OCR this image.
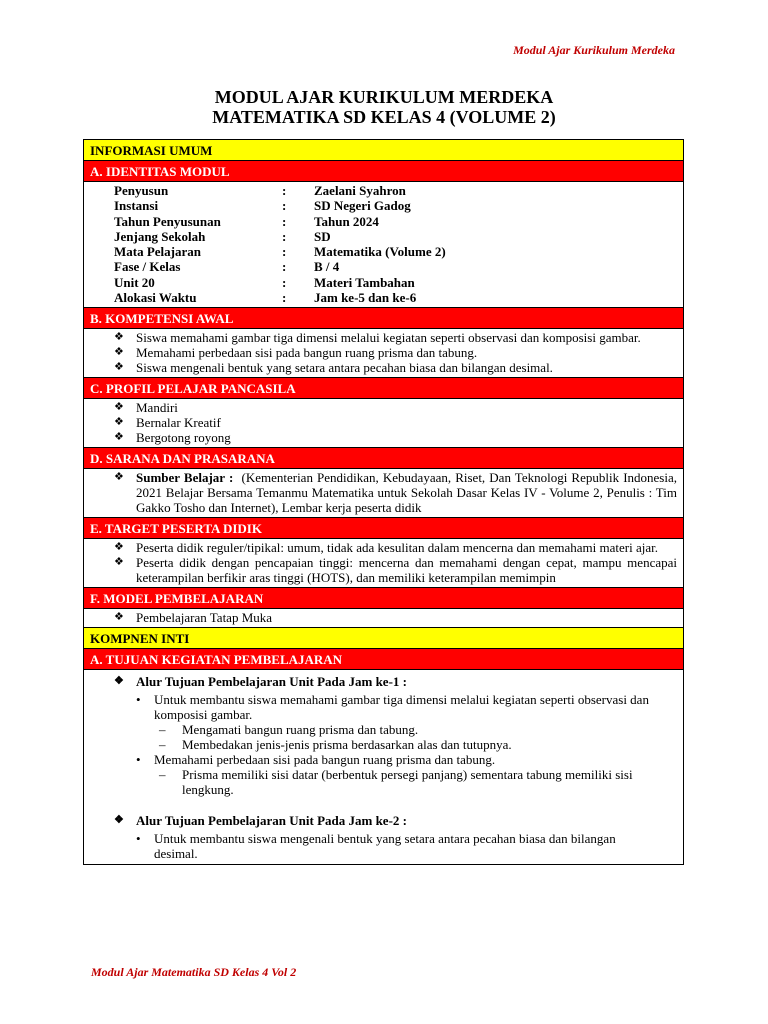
Modul Ajar Kurikulum Merdeka
MODUL AJAR KURIKULUM MERDEKA
MATEMATIKA SD KELAS 4 (VOLUME 2)
INFORMASI UMUM
A. IDENTITAS MODUL
Penyusun	:	Zaelani Syahron
Instansi	:	SD Negeri Gadog
Tahun Penyusunan	:	Tahun 2024
Jenjang Sekolah	:	SD
Mata Pelajaran	:	Matematika (Volume 2)
Fase / Kelas	:	B / 4
Unit 20	:	Materi Tambahan
Alokasi Waktu	:	Jam ke-5 dan ke-6
B. KOMPETENSI AWAL
❖ Siswa memahami gambar tiga dimensi melalui kegiatan seperti observasi dan komposisi gambar.
❖ Memahami perbedaan sisi pada bangun ruang prisma dan tabung.
❖ Siswa mengenali bentuk yang setara antara pecahan biasa dan bilangan desimal.
C. PROFIL PELAJAR PANCASILA
❖ Mandiri
❖ Bernalar Kreatif
❖ Bergotong royong
D. SARANA DAN PRASARANA
❖ Sumber Belajar : (Kementerian Pendidikan, Kebudayaan, Riset, Dan Teknologi Republik Indonesia, 2021 Belajar Bersama Temanmu Matematika untuk Sekolah Dasar Kelas IV - Volume 2, Penulis : Tim Gakko Tosho dan Internet), Lembar kerja peserta didik
E. TARGET PESERTA DIDIK
❖ Peserta didik reguler/tipikal: umum, tidak ada kesulitan dalam mencerna dan memahami materi ajar.
❖ Peserta didik dengan pencapaian tinggi: mencerna dan memahami dengan cepat, mampu mencapai keterampilan berfikir aras tinggi (HOTS), dan memiliki keterampilan memimpin
F. MODEL PEMBELAJARAN
❖ Pembelajaran Tatap Muka
KOMPNEN INTI
A. TUJUAN KEGIATAN PEMBELAJARAN
❖ Alur Tujuan Pembelajaran Unit Pada Jam ke-1 :
• Untuk membantu siswa memahami gambar tiga dimensi melalui kegiatan seperti observasi dan komposisi gambar.
– Mengamati bangun ruang prisma dan tabung.
– Membedakan jenis-jenis prisma berdasarkan alas dan tutupnya.
• Memahami perbedaan sisi pada bangun ruang prisma dan tabung.
– Prisma memiliki sisi datar (berbentuk persegi panjang) sementara tabung memiliki sisi lengkung.
❖ Alur Tujuan Pembelajaran Unit Pada Jam ke-2 :
• Untuk membantu siswa mengenali bentuk yang setara antara pecahan biasa dan bilangan desimal.
Modul Ajar Matematika SD Kelas 4 Vol 2
